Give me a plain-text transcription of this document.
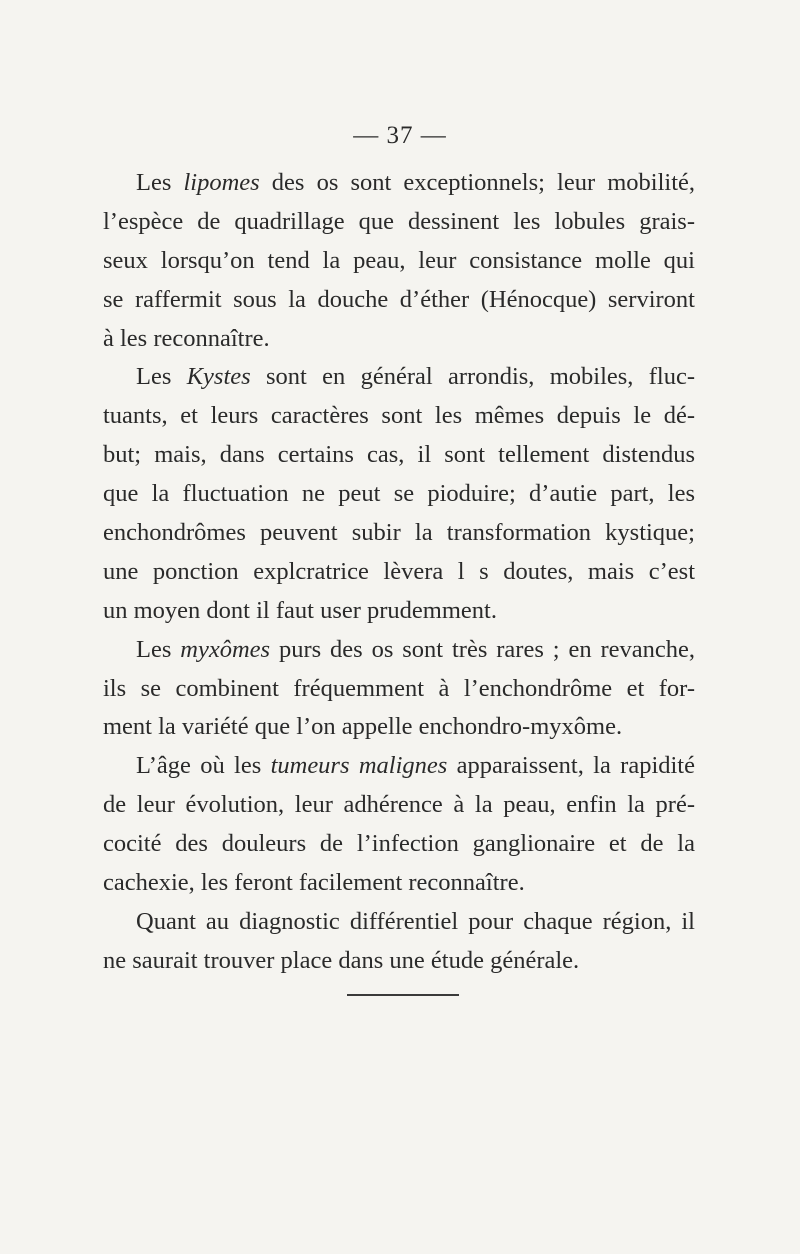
— 37 —
Les lipomes des os sont exceptionnels; leur mobilité,
l’espèce de quadrillage que dessinent les lobules grais-
seux lorsqu’on tend la peau, leur consistance molle qui
se raffermit sous la douche d’éther (Hénocque) serviront
à les reconnaître.
Les Kystes sont en général arrondis, mobiles, fluc-
tuants, et leurs caractères sont les mêmes depuis le dé-
but; mais, dans certains cas, il sont tellement distendus
que la fluctuation ne peut se pioduire; d’autie part, les
enchondrômes peuvent subir la transformation kystique;
une ponction explcratrice lèvera l s doutes, mais c’est
un moyen dont il faut user prudemment.
Les myxômes purs des os sont très rares ; en revanche,
ils se combinent fréquemment à l’enchondrôme et for-
ment la variété que l’on appelle enchondro-myxôme.
L’âge où les tumeurs malignes apparaissent, la rapidité
de leur évolution, leur adhérence à la peau, enfin la pré-
cocité des douleurs de l’infection ganglionaire et de la
cachexie, les feront facilement reconnaître.
Quant au diagnostic différentiel pour chaque région, il
ne saurait trouver place dans une étude générale.
